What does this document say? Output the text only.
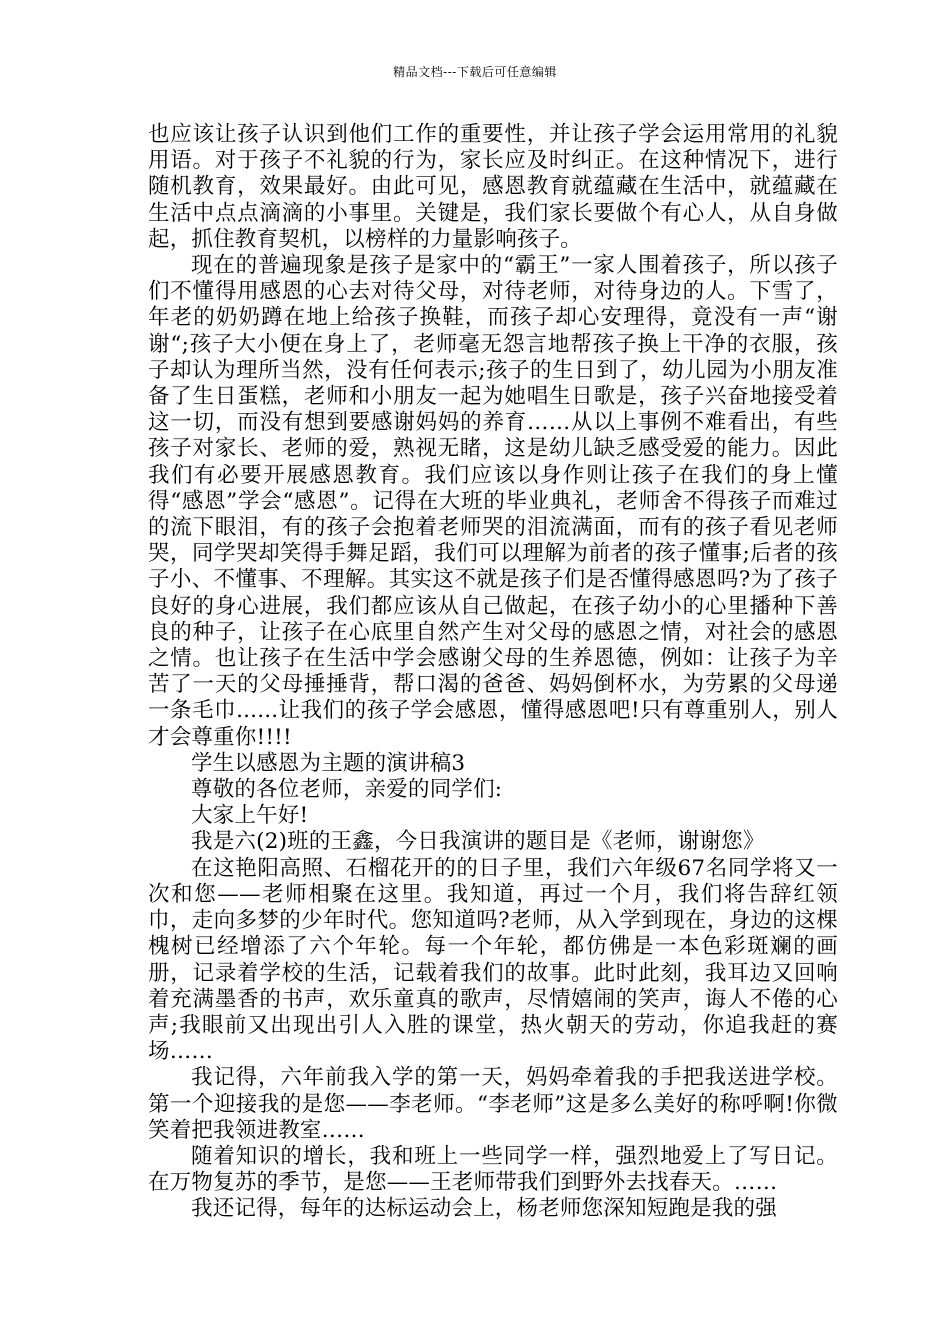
精品文档---下载后可任意编辑

也应该让孩子认识到他们工作的重要性，并让孩子学会运用常用的礼貌用语。对于孩子不礼貌的行为，家长应及时纠正。在这种情况下，进行随机教育，效果最好。由此可见，感恩教育就蕴藏在生活中，就蕴藏在生活中点点滴滴的小事里。关键是，我们家长要做个有心人，从自身做起，抓住教育契机，以榜样的力量影响孩子。

现在的普遍现象是孩子是家中的“霸王”一家人围着孩子，所以孩子们不懂得用感恩的心去对待父母，对待老师，对待身边的人。下雪了，年老的奶奶蹲在地上给孩子换鞋，而孩子却心安理得，竟没有一声“谢谢“;孩子大小便在身上了，老师毫无怨言地帮孩子换上干净的衣服，孩子却认为理所当然，没有任何表示;孩子的生日到了，幼儿园为小朋友准备了生日蛋糕，老师和小朋友一起为她唱生日歌是，孩子兴奋地接受着这一切，而没有想到要感谢妈妈的养育……从以上事例不难看出，有些孩子对家长、老师的爱，熟视无睹，这是幼儿缺乏感受爱的能力。因此我们有必要开展感恩教育。我们应该以身作则让孩子在我们的身上懂得“感恩”学会“感恩”。记得在大班的毕业典礼，老师舍不得孩子而难过的流下眼泪，有的孩子会抱着老师哭的泪流满面，而有的孩子看见老师哭，同学哭却笑得手舞足蹈，我们可以理解为前者的孩子懂事;后者的孩子小、不懂事、不理解。其实这不就是孩子们是否懂得感恩吗?为了孩子良好的身心进展，我们都应该从自己做起，在孩子幼小的心里播种下善良的种子，让孩子在心底里自然产生对父母的感恩之情，对社会的感恩之情。也让孩子在生活中学会感谢父母的生养恩德，例如：让孩子为辛苦了一天的父母捶捶背，帮口渴的爸爸、妈妈倒杯水，为劳累的父母递一条毛巾......让我们的孩子学会感恩，懂得感恩吧!只有尊重别人，别人才会尊重你!!!!

学生以感恩为主题的演讲稿3

尊敬的各位老师，亲爱的同学们:

大家上午好!

我是六(2)班的王鑫，今日我演讲的题目是《老师，谢谢您》

在这艳阳高照、石榴花开的的日子里，我们六年级67名同学将又一次和您——老师相聚在这里。我知道，再过一个月，我们将告辞红领巾，走向多梦的少年时代。您知道吗?老师，从入学到现在，身边的这棵槐树已经增添了六个年轮。每一个年轮，都仿佛是一本色彩斑斓的画册，记录着学校的生活，记载着我们的故事。此时此刻，我耳边又回响着充满墨香的书声，欢乐童真的歌声，尽情嬉闹的笑声，诲人不倦的心声;我眼前又出现出引人入胜的课堂，热火朝天的劳动，你追我赶的赛场……

我记得，六年前我入学的第一天，妈妈牵着我的手把我送进学校。第一个迎接我的是您——李老师。“李老师”这是多么美好的称呼啊!你微笑着把我领进教室……

随着知识的增长，我和班上一些同学一样，强烈地爱上了写日记。在万物复苏的季节，是您——王老师带我们到野外去找春天。……

我还记得，每年的达标运动会上，杨老师您深知短跑是我的强
